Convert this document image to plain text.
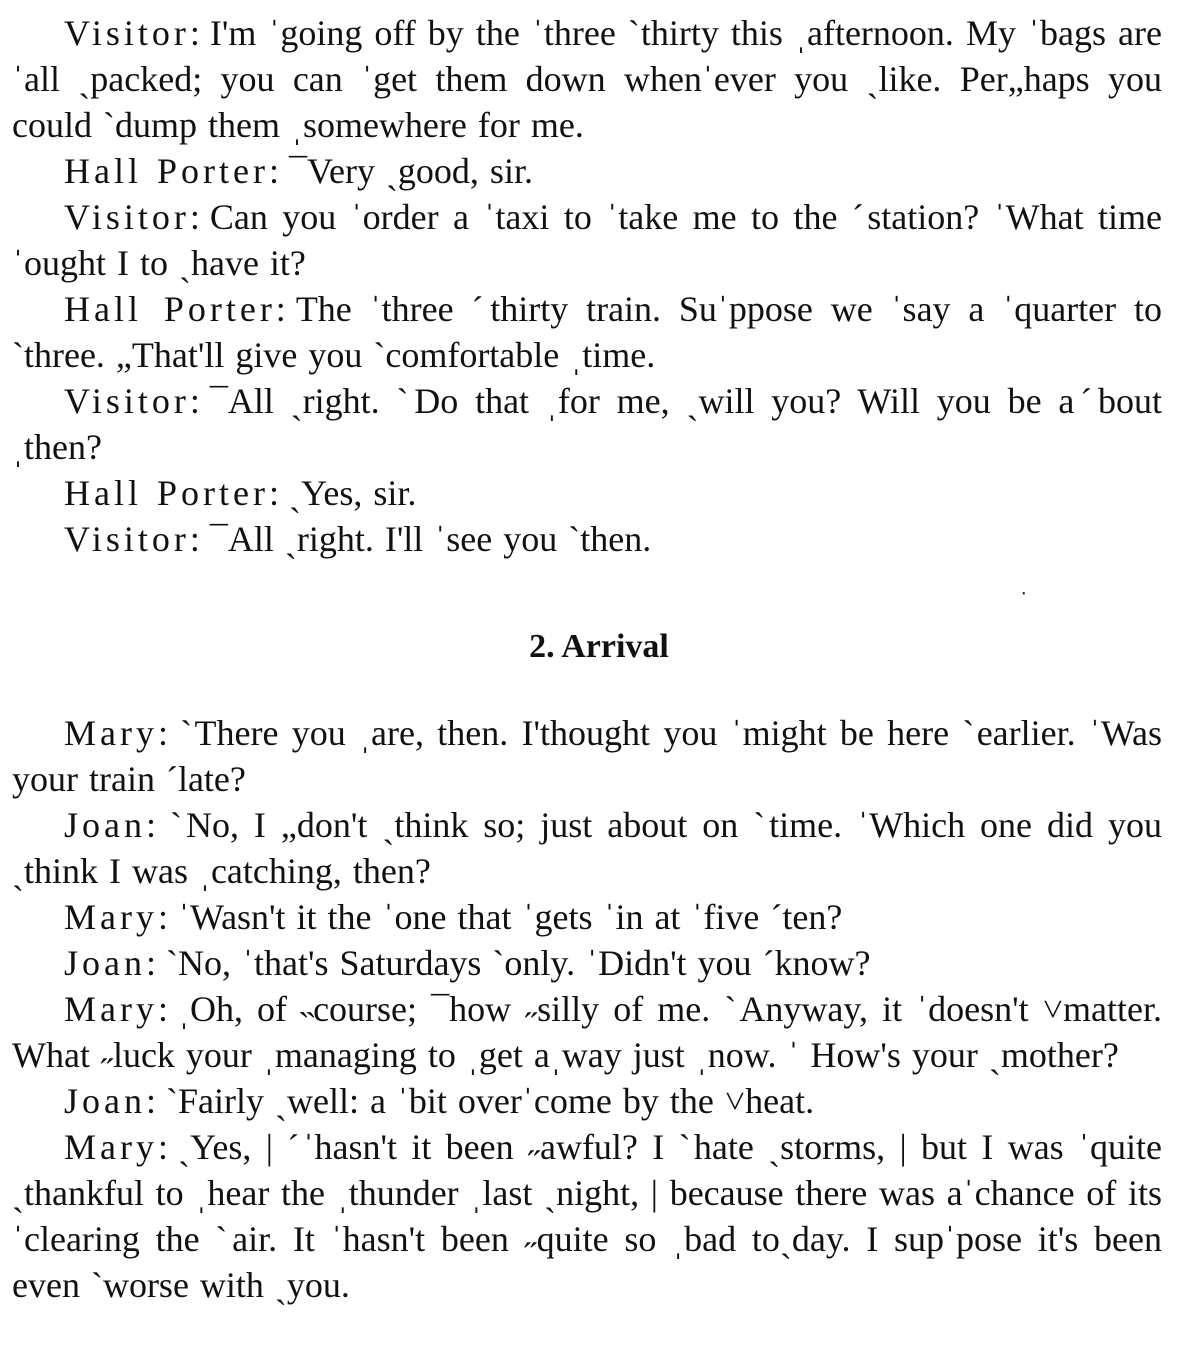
Visitor: I'm ˈgoing off by the ˈthree ˋthirty this ˌafternoon. My ˈbags are ˈall ˏpacked; you can ˈget them down whenˈever you ˎlike. Per„haps you could ˋdump them ˌsomewhere for me.

Hall Porter: ¯Very ˏgood, sir.

Visitor: Can you ˈorder a ˈtaxi to ˈtake me to the ˊstation? ˈWhat time ˈought I to ˎhave it?

Hall Porter: The ˈthree ˊthirty train. Suˈppose we ˈsay a ˈquarter to ˋthree. „That'll give you ˋcomfortable ˌtime.

Visitor: ¯All ˏright. ˋDo that ˌfor me, ˏwill you? Will you be aˊbout ˌthen?

Hall Porter: ˏYes, sir.

Visitor: ¯All ˏright. I'll ˈsee you ˋthen.

•

2. Arrival

Mary: ˋThere you ˌare, then. I'thought you ˈmight be here ˋearlier. ˈWas your train ˊlate?

Joan: ˋNo, I „don't ˏthink so; just about on ˋtime. ˈWhich one did you ˎthink I was ˌcatching, then?

Mary: ˈWasn't it the ˈone that ˈgets ˈin at ˈfive ˊten?

Joan: ˋNo, ˈthat's Saturdays ˋonly. ˈDidn't you ˊknow?

Mary: ˌOh, of ˵course; ¯how ˶silly of me. ˋAnyway, it ˈdoesn't ˅matter. What ˶luck your ˌmanaging to ˌget aˌway just ˌnow. ˈ How's your ˎmother?

Joan: ˋFairly ˏwell: a ˈbit overˈcome by the ˅heat.

Mary: ˏYes, | ˊˈhasn't it been ˶awful? I ˋhate ˏstorms, | but I was ˈquite ˎthankful to ˌhear the ˌthunder ˌlast ˏnight, | because there was aˈchance of its ˈclearing the ˋair. It ˈhasn't been ˶quite so ˌbad toˏday. I supˈpose it's been even ˋworse with ˏyou.
